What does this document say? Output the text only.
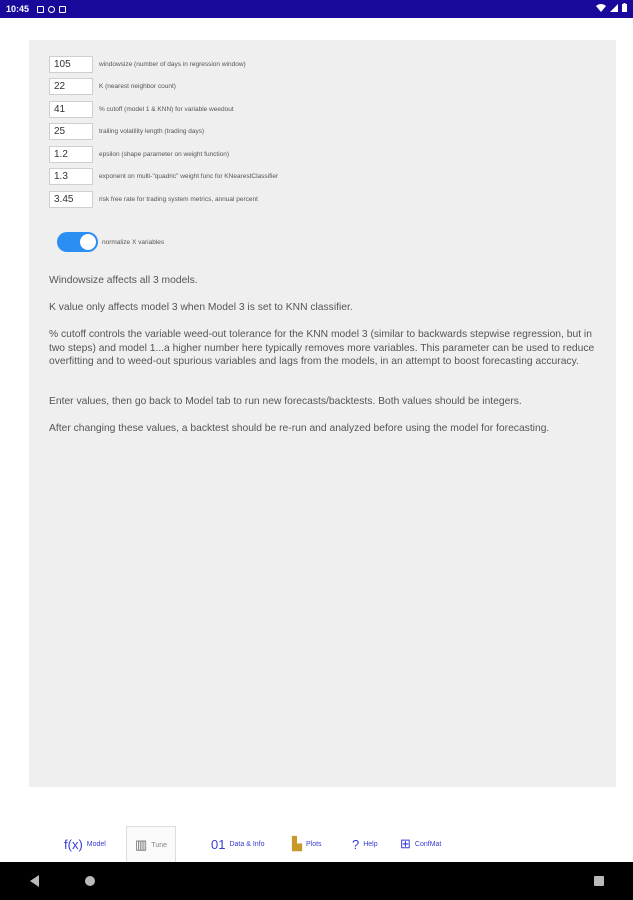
10:45
105
windowsize (number of days in regression window)
22
K (nearest neighbor count)
41
% cutoff (model 1 & KNN) for variable weedout
25
trailing volatility length (trading days)
1.2
epsilon (shape parameter on weight function)
1.3
exponent on multi-"quadric" weight func for KNearestClassifier
3.45
risk free rate for trading system metrics, annual percent
normalize X variables
Windowsize affects all 3 models.
K value only affects model 3 when Model 3 is set to KNN classifier.
% cutoff controls the variable weed-out tolerance for the KNN model 3 (similar to backwards stepwise regression, but in two steps) and model 1...a higher number here typically removes more variables. This parameter can be used to reduce overfitting and to weed-out spurious variables and lags from the models, in an attempt to boost forecasting accuracy.
Enter values, then go back to Model tab to run new forecasts/backtests. Both values should be integers.
After changing these values, a backtest should be re-run and analyzed before using the model for forecasting.
f(x) Model ▥ Tune	01 Data & Info ▙ Plots ? Help ⊞ ConfMat
